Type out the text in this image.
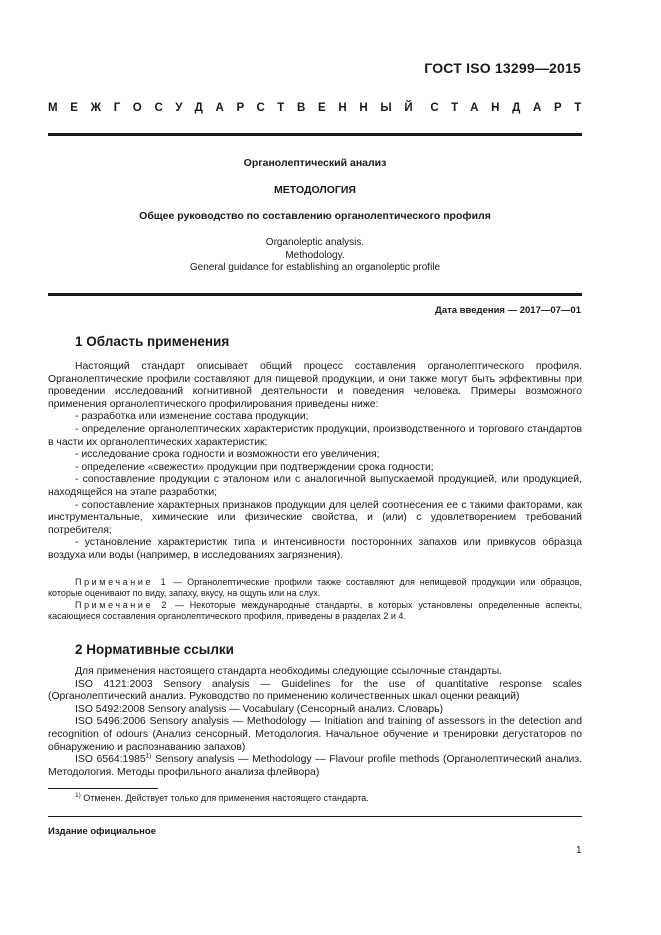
ГОСТ ISO 13299—2015
МЕЖГОСУДАРСТВЕННЫЙ СТАНДАРТ
Органолептический анализ
МЕТОДОЛОГИЯ
Общее руководство по составлению органолептического профиля
Organoleptic analysis.
Methodology.
General guidance for establishing an organoleptic profile
Дата введения — 2017—07—01
1 Область применения

Настоящий стандарт описывает общий процесс составления органолептического профиля. Органолептические профили составляют для пищевой продукции, и они также могут быть эффективны при проведении исследований когнитивной деятельности и поведения человека. Примеры возможного применения органолептического профилирования приведены ниже:

- разработка или изменение состава продукции;

- определение органолептических характеристик продукции, производственного и торгового стандартов в части их органолептических характеристик;

- исследование срока годности и возможности его увеличения;

- определение «свежести» продукции при подтверждении срока годности;

- сопоставление продукции с эталоном или с аналогичной выпускаемой продукцией, или продукцией, находящейся на этапе разработки;

- сопоставление характерных признаков продукции для целей соотнесения ее с такими факторами, как инструментальные, химические или физические свойства, и (или) с удовлетворением требований потребителя;

- установление характеристик типа и интенсивности посторонних запахов или привкусов образца воздуха или воды (например, в исследованиях загрязнения).

Примечание 1 — Органолептические профили также составляют для непищевой продукции или образцов, которые оценивают по виду, запаху, вкусу, на ощупь или на слух.

Примечание 2 — Некоторые международные стандарты, в которых установлены определенные аспекты, касающиеся составления органолептического профиля, приведены в разделах 2 и 4.

2 Нормативные ссылки

Для применения настоящего стандарта необходимы следующие ссылочные стандарты.

ISO 4121:2003 Sensory analysis — Guidelines for the use of quantitative response scales (Органолептический анализ. Руководство по применению количественных шкал оценки реакций)

ISO 5492:2008 Sensory analysis — Vocabulary (Сенсорный анализ. Словарь)

ISO 5496:2006 Sensory analysis — Methodology — Initiation and training of assessors in the detection and recognition of odours (Анализ сенсорный. Методология. Начальное обучение и тренировки дегустаторов по обнаружению и распознаванию запахов)

ISO 6564:1985$^{1)}$ Sensory analysis — Methodology — Flavour profile methods (Органолептический анализ. Методология. Методы профильного анализа флейвора)

$^{1)}$ Отменен. Действует только для применения настоящего стандарта.
Издание официальное
1
